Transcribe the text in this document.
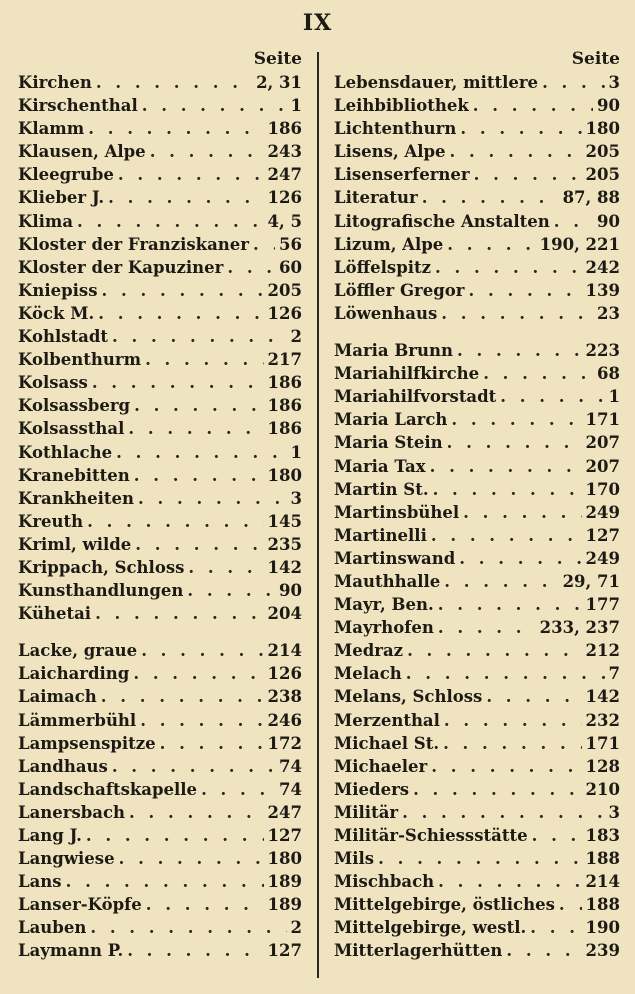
IX
Seite
Kirchen . . .	2, 31
Kirschenthal . . .	1
Klamm . . .	186
Klausen, Alpe . . .	243
Kleegrube . . .	247
Klieber J. . . .	126
Klima . . .	4, 5
Kloster der Franziskaner . . . 56
Kloster der Kapuziner . . .	60
Kniepiss . . .	205
Köck M. . . .	126
Kohlstadt . . .	2
Kolbenthurm . . .	217
Kolsass . . .	186
Kolsassberg . . .	186
Kolsassthal . . .	186
Kothlache . . .	1
Kranebitten . . .	180
Krankheiten . . .	3
Kreuth . . .	145
Kriml, wilde . . .	235
Krippach, Schloss . . .	142
Kunsthandlungen . . .	90
Kühetai . . .	204
Lacke, graue . . .	214
Laicharding . . .	126
Laimach . . .	238
Lämmerbühl . . .	246
Lampsenspitze . . .	172
Landhaus . . .	74
Landschaftskapelle . . .	74
Lanersbach . . .	247
Lang J. . . .	127
Langwiese . . .	180
Lans . . .	189
Lanser-Köpfe . . .	189
Lauben . . .	2
Laymann P. . . .	127
Seite
Lebensdauer, mittlere . . .	3
Leihbibliothek . . .	90
Lichtenthurn . . .	180
Lisens, Alpe . . .	205
Lisenserferner . . .	205
Literatur . . .	87, 88
Litografische Anstalten . . .	90
Lizum, Alpe . . .	190, 221
Löffelspitz . . .	242
Löffler Gregor . . .	139
Löwenhaus . . .	23
Maria Brunn . . .	223
Mariahilfkirche . . .	68
Mariahilfvorstadt . . .	1
Maria Larch . . .	171
Maria Stein . . .	207
Maria Tax . . .	207
Martin St. . . .	170
Martinsbühel . . .	249
Martinelli . . .	127
Martinswand . . .	249
Mauthhalle . . .	29, 71
Mayr, Ben. . . .	177
Mayrhofen . . .	233, 237
Medraz . . .	212
Melach . . .	7
Melans, Schloss . . .	142
Merzenthal . . .	232
Michael St. . . .	171
Michaeler . . .	128
Mieders . . .	210
Militär . . .	3
Militär-Schiessstätte . . .	183
Mils . . .	188
Mischbach . . .	214
Mittelgebirge, östliches . . . 188
Mittelgebirge, westl. . . .	190
Mitterlagerhütten . . .	239
